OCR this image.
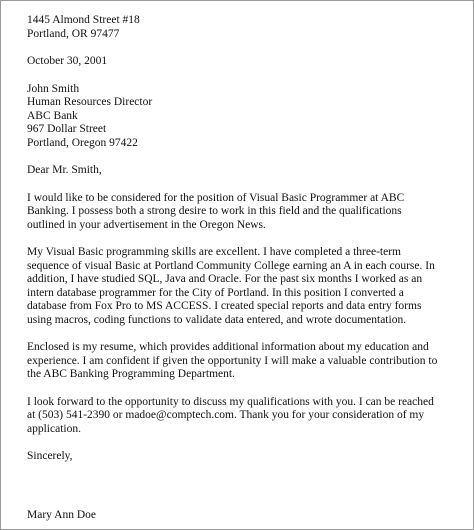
1445 Almond Street #18
Portland, OR 97477
October 30, 2001
John Smith
Human Resources Director
ABC Bank
967 Dollar Street
Portland, Oregon 97422
Dear Mr. Smith,
I would like to be considered for the position of Visual Basic Programmer at ABC
Banking. I possess both a strong desire to work in this field and the qualifications
outlined in your advertisement in the Oregon News.
My Visual Basic programming skills are excellent. I have completed a three-term
sequence of visual Basic at Portland Community College earning an A in each course. In
addition, I have studied SQL, Java and Oracle. For the past six months I worked as an
intern database programmer for the City of Portland. In this position I converted a
database from Fox Pro to MS ACCESS. I created special reports and data entry forms
using macros, coding functions to validate data entered, and wrote documentation.
Enclosed is my resume, which provides additional information about my education and
experience. I am confident if given the opportunity I will make a valuable contribution to
the ABC Banking Programming Department.
I look forward to the opportunity to discuss my qualifications with you. I can be reached
at (503) 541-2390 or madoe@comptech.com. Thank you for your consideration of my
application.
Sincerely,
Mary Ann Doe
